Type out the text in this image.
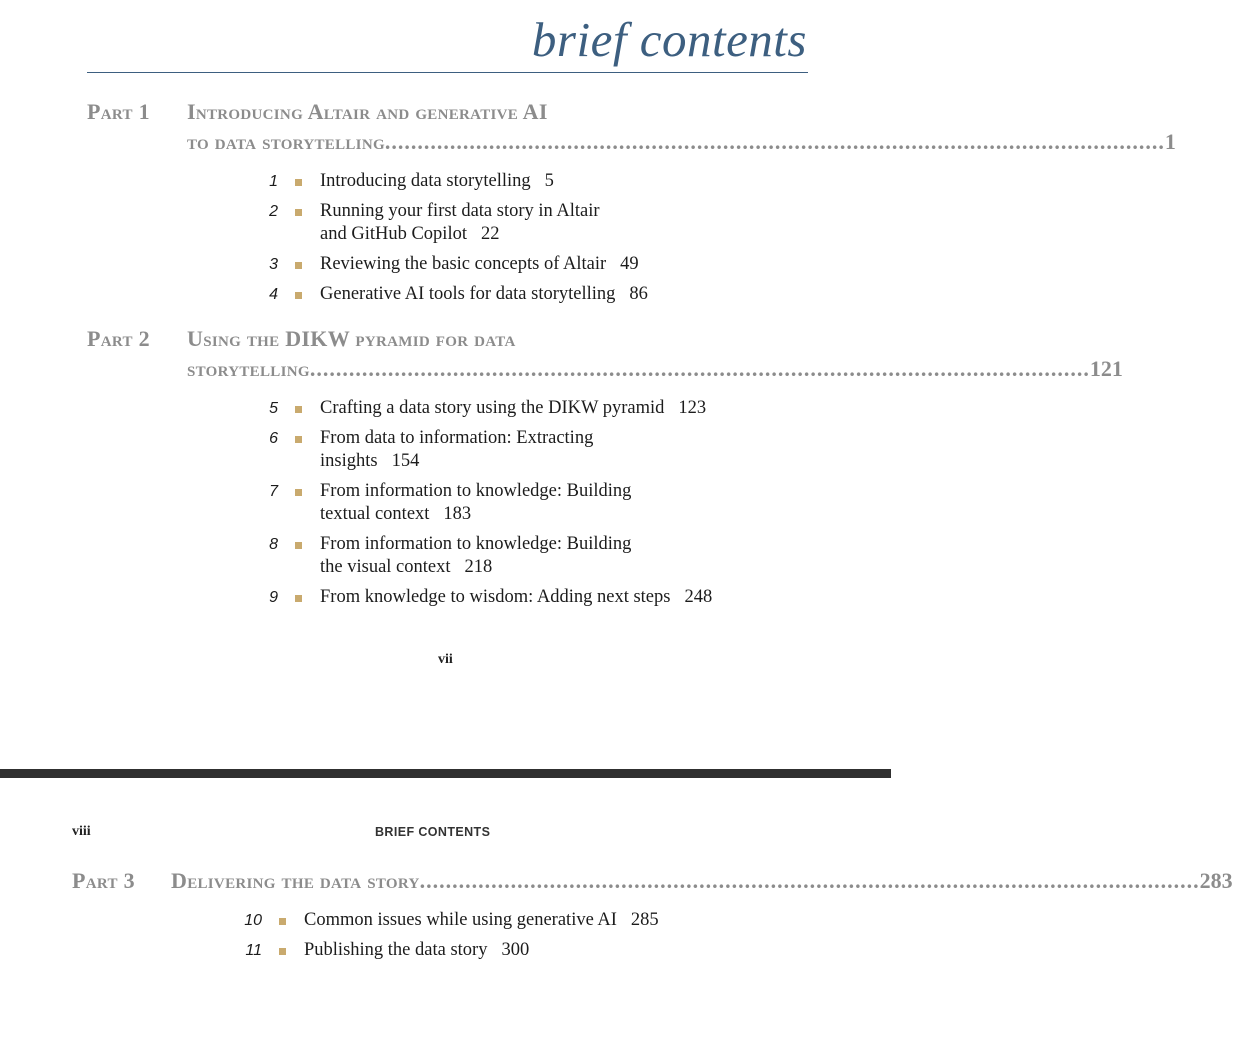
brief contents
Part 1 Introducing Altair and generative AI
to data storytelling ........................................................................................................................ 1
1 Introducing data storytelling 5
2 Running your first data story in Altair
and GitHub Copilot 22
3 Reviewing the basic concepts of Altair 49
4 Generative AI tools for data storytelling 86
Part 2 Using the DIKW pyramid for data
storytelling ........................................................................................................................ 121
5 Crafting a data story using the DIKW pyramid 123
6 From data to information: Extracting
insights 154
7 From information to knowledge: Building
textual context 183
8 From information to knowledge: Building
the visual context 218
9 From knowledge to wisdom: Adding next steps 248
vii
viii	BRIEF CONTENTS
Part 3 Delivering the data story ........................................................................................................................ 283
10 Common issues while using generative AI 285
11 Publishing the data story 300
